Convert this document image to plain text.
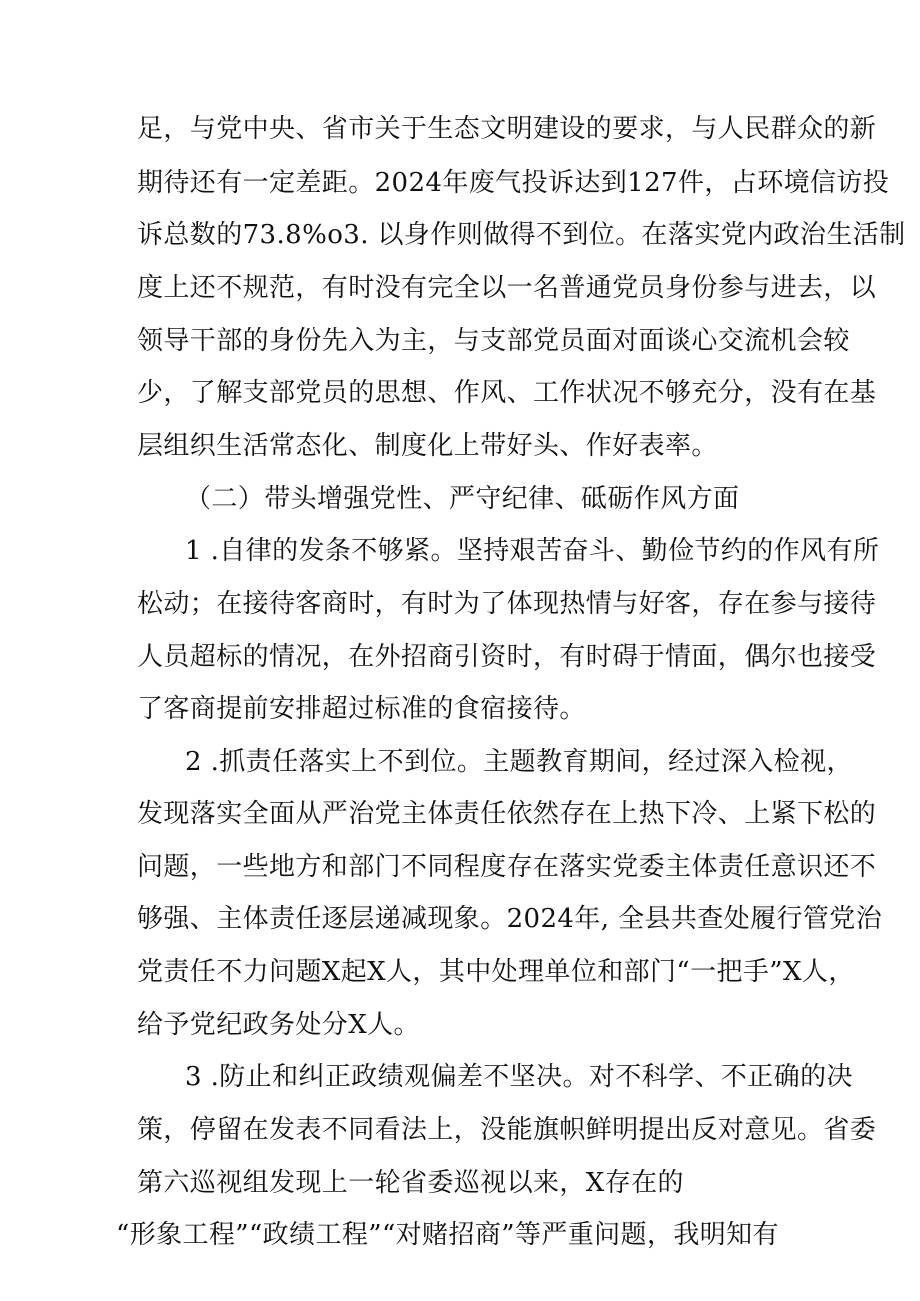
足，与党中央、省市关于生态文明建设的要求，与人民群众的新

期待还有一定差距。2024年废气投诉达到127件，占环境信访投

诉总数的73.8%o3. 以身作则做得不到位。在落实党内政治生活制

度上还不规范，有时没有完全以一名普通党员身份参与进去，以

领导干部的身份先入为主，与支部党员面对面谈心交流机会较

少，了解支部党员的思想、作风、工作状况不够充分，没有在基

层组织生活常态化、制度化上带好头、作好表率。

（二）带头增强党性、严守纪律、砥砺作风方面

1 .自律的发条不够紧。坚持艰苦奋斗、勤俭节约的作风有所

松动；在接待客商时，有时为了体现热情与好客，存在参与接待

人员超标的情况，在外招商引资时，有时碍于情面，偶尔也接受

了客商提前安排超过标准的食宿接待。

2 .抓责任落实上不到位。主题教育期间，经过深入检视，

发现落实全面从严治党主体责任依然存在上热下冷、上紧下松的

问题，一些地方和部门不同程度存在落实党委主体责任意识还不

够强、主体责任逐层递减现象。2024年, 全县共查处履行管党治

党责任不力问题X起X人，其中处理单位和部门“一把手”X人，

给予党纪政务处分X人。

3 .防止和纠正政绩观偏差不坚决。对不科学、不正确的决

策，停留在发表不同看法上，没能旗帜鲜明提出反对意见。省委

第六巡视组发现上一轮省委巡视以来，X存在的

“形象工程”“政绩工程”“对赌招商”等严重问题，我明知有
